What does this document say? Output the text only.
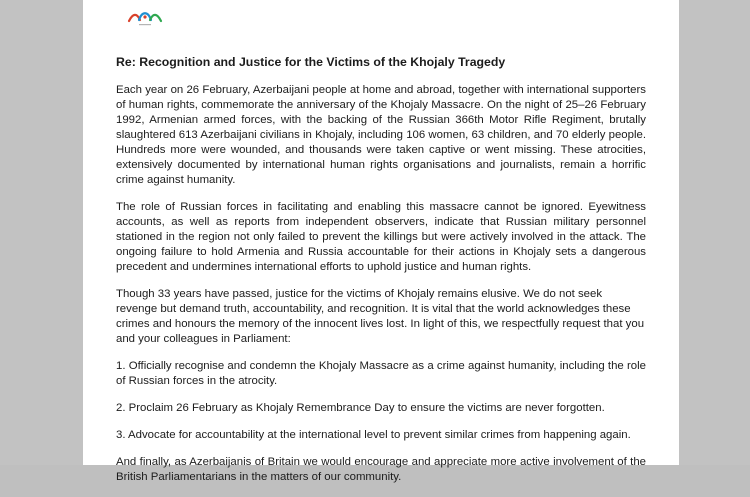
Re: Recognition and Justice for the Victims of the Khojaly Tragedy

Each year on 26 February, Azerbaijani people at home and abroad, together with international supporters of human rights, commemorate the anniversary of the Khojaly Massacre. On the night of 25–26 February 1992, Armenian armed forces, with the backing of the Russian 366th Motor Rifle Regiment, brutally slaughtered 613 Azerbaijani civilians in Khojaly, including 106 women, 63 children, and 70 elderly people. Hundreds more were wounded, and thousands were taken captive or went missing. These atrocities, extensively documented by international human rights organisations and journalists, remain a horrific crime against humanity.

The role of Russian forces in facilitating and enabling this massacre cannot be ignored. Eyewitness accounts, as well as reports from independent observers, indicate that Russian military personnel stationed in the region not only failed to prevent the killings but were actively involved in the attack. The ongoing failure to hold Armenia and Russia accountable for their actions in Khojaly sets a dangerous precedent and undermines international efforts to uphold justice and human rights.

Though 33 years have passed, justice for the victims of Khojaly remains elusive. We do not seek revenge but demand truth, accountability, and recognition. It is vital that the world acknowledges these crimes and honours the memory of the innocent lives lost. In light of this, we respectfully request that you and your colleagues in Parliament:

1. Officially recognise and condemn the Khojaly Massacre as a crime against humanity, including the role of Russian forces in the atrocity.

2. Proclaim 26 February as Khojaly Remembrance Day to ensure the victims are never forgotten.

3. Advocate for accountability at the international level to prevent similar crimes from happening again.

And finally, as Azerbaijanis of Britain we would encourage and appreciate more active involvement of the British Parliamentarians in the matters of our community.
